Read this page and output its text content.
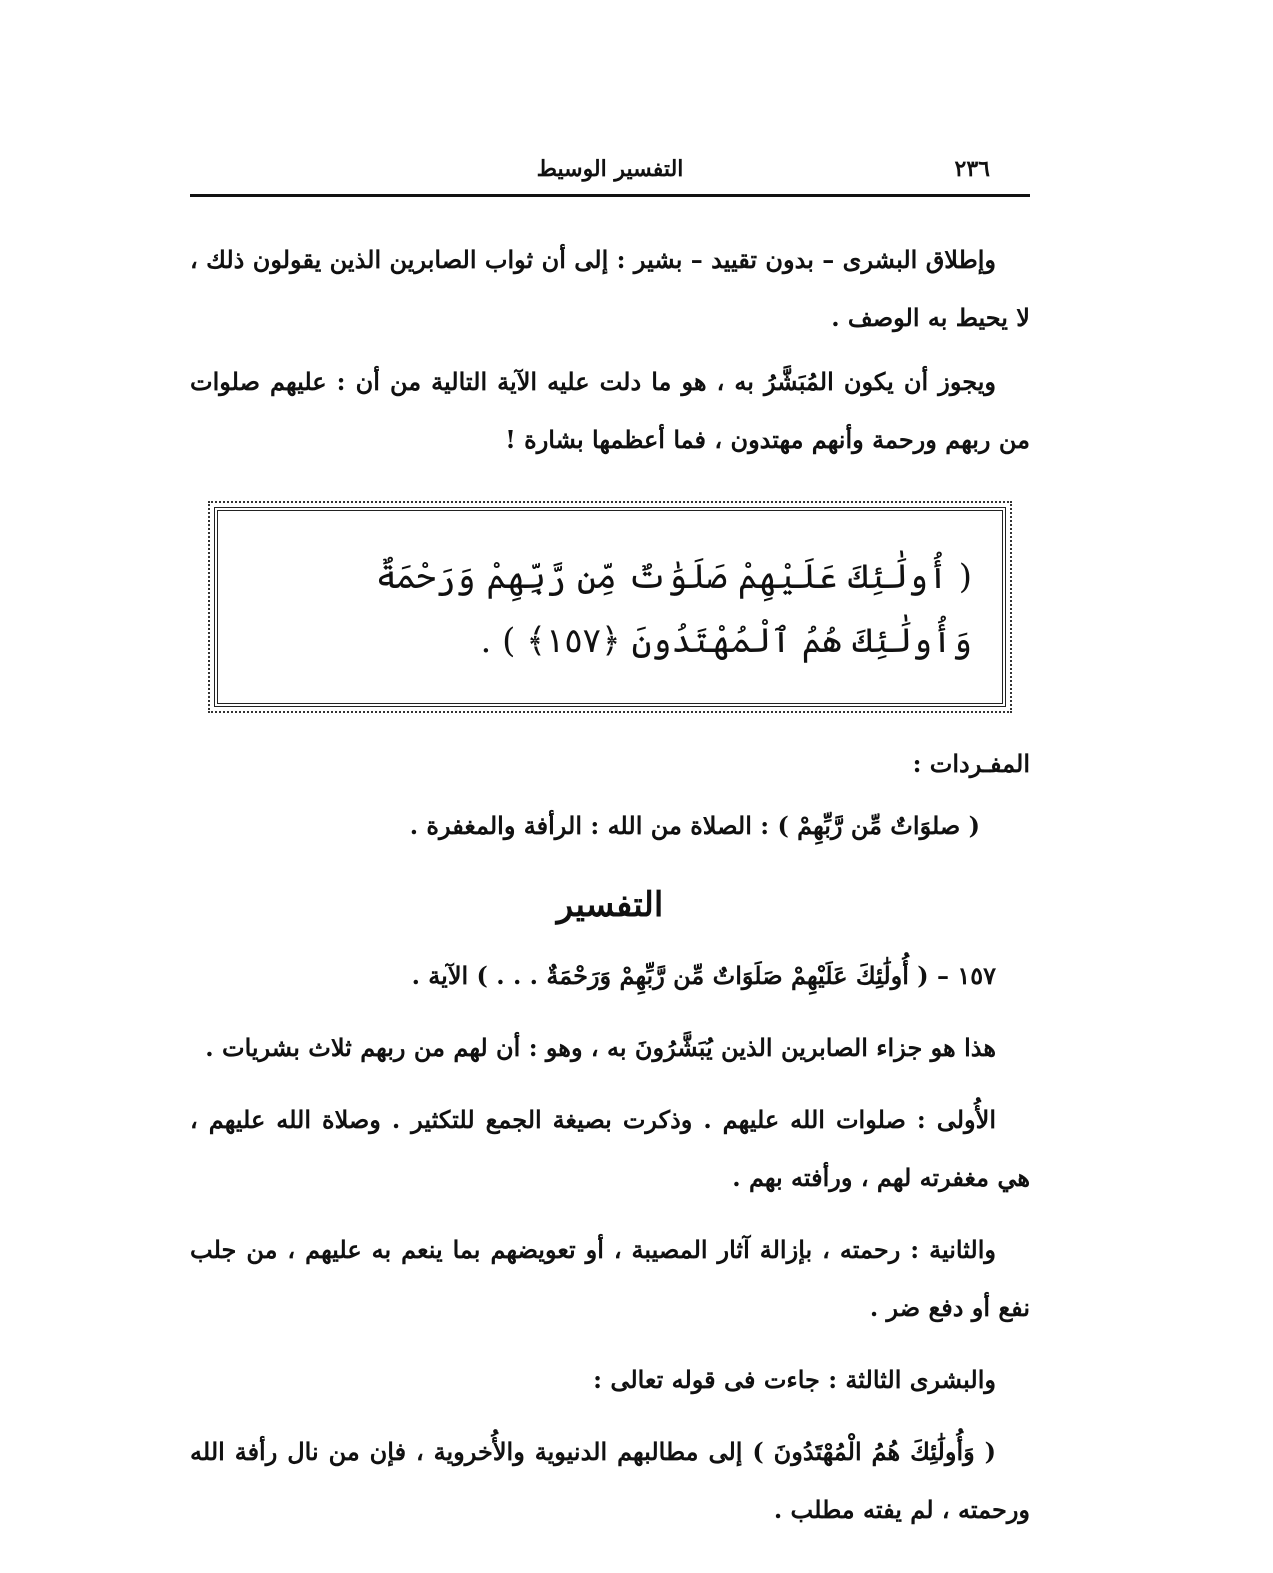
٢٣٦
التفسير الوسيط

وإطلاق البشرى – بدون تقييد – بشير : إلى أن ثواب الصابرين الذين يقولون ذلك ، لا يحيط به الوصف .

ويجوز أن يكون المُبَشَّرُ به ، هو ما دلت عليه الآية التالية من أن : عليهم صلوات من ربهم ورحمة وأنهم مهتدون ، فما أعظمها بشارة !

( أُولَٰئِكَ عَلَيْهِمْ صَلَوَٰتٌ مِّن رَّبِّهِمْ وَرَحْمَةٌ وَأُولَٰئِكَ هُمُ ٱلْمُهْتَدُونَ ﴿١٥٧﴾ ) .

المفـردات :

( صلوَاتٌ مِّن رَّبِّهِمْ ) : الصلاة من الله : الرأفة والمغفرة .

التفسير

١٥٧ – ( أُولَٰئِكَ عَلَيْهِمْ صَلَوَاتٌ مِّن رَّبِّهِمْ وَرَحْمَةٌ . . . ) الآية .

هذا هو جزاء الصابرين الذين يُبَشَّرُونَ به ، وهو : أن لهم من ربهم ثلاث بشريات .

الأُولى : صلوات الله عليهم . وذكرت بصيغة الجمع للتكثير . وصلاة الله عليهم ، هي مغفرته لهم ، ورأفته بهم .

والثانية : رحمته ، بإزالة آثار المصيبة ، أو تعويضهم بما ينعم به عليهم ، من جلب نفع أو دفع ضر .

والبشرى الثالثة : جاءت فى قوله تعالى :

( وَأُولَٰئِكَ هُمُ الْمُهْتَدُونَ ) إلى مطالبهم الدنيوية والأُخروية ، فإن من نال رأفة الله ورحمته ، لم يفته مطلب .
